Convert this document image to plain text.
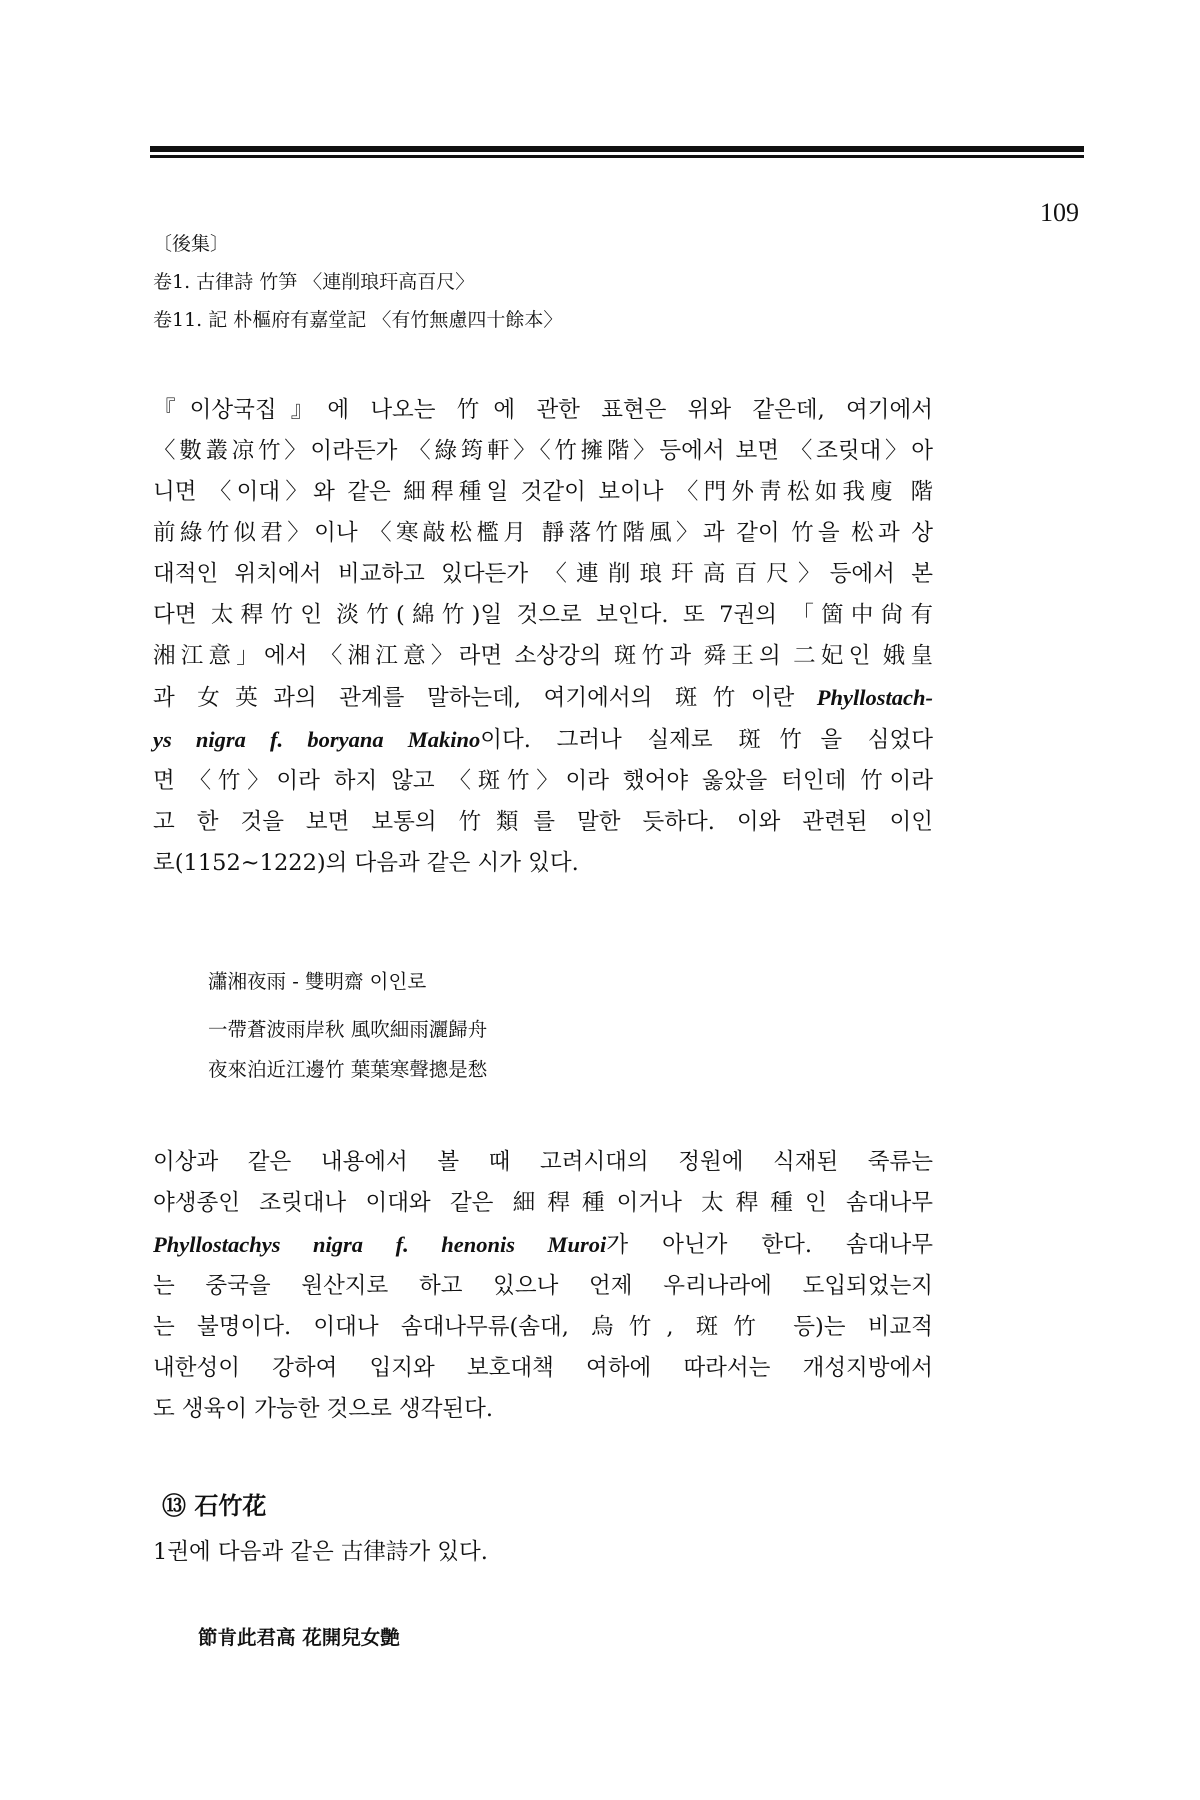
109
〔後集〕
卷1. 古律詩 竹笋 〈連削琅玕高百尺〉
卷11. 記 朴樞府有嘉堂記 〈有竹無慮四十餘本〉
『이상국집』에 나오는 竹에 관한 표현은 위와 같은데, 여기에서
〈數叢凉竹〉이라든가 〈綠筠軒〉〈竹擁階〉등에서 보면 〈조릿대〉아
니면 〈이대〉와 같은 細稈種일 것같이 보이나 〈門外靑松如我廋 階
前綠竹似君〉이나 〈寒敲松檻月 靜落竹階風〉과 같이 竹을 松과 상
대적인 위치에서 비교하고 있다든가 〈連削琅玕高百尺〉등에서 본
다면 太稈竹인 淡竹(綿竹)일 것으로 보인다. 또 7권의 「箇中尙有
湘江意」에서 〈湘江意〉라면 소상강의 斑竹과 舜王의 二妃인 娥皇
과 女英과의 관계를 말하는데, 여기에서의 斑竹이란 Phyllostach-
ys nigra f. boryana Makino이다. 그러나 실제로 斑竹을 심었다
면 〈竹〉이라 하지 않고 〈斑竹〉이라 했어야 옳았을 터인데 竹이라
고 한 것을 보면 보통의 竹類를 말한 듯하다. 이와 관련된 이인
로(1152~1222)의 다음과 같은 시가 있다.
瀟湘夜雨 - 雙明齋 이인로
一帶蒼波雨岸秋 風吹細雨灑歸舟
夜來泊近江邊竹 葉葉寒聲摠是愁
이상과 같은 내용에서 볼 때 고려시대의 정원에 식재된 죽류는
야생종인 조릿대나 이대와 같은 細稈種이거나 太稈種인 솜대나무
Phyllostachys nigra f. henonis Muroi가 아닌가 한다. 솜대나무
는 중국을 원산지로 하고 있으나 언제 우리나라에 도입되었는지
는 불명이다. 이대나 솜대나무류(솜대, 烏竹, 斑竹 등)는 비교적
내한성이 강하여 입지와 보호대책 여하에 따라서는 개성지방에서
도 생육이 가능한 것으로 생각된다.
⑬ 石竹花
1권에 다음과 같은 古律詩가 있다.
節肯此君高 花開兒女艶
